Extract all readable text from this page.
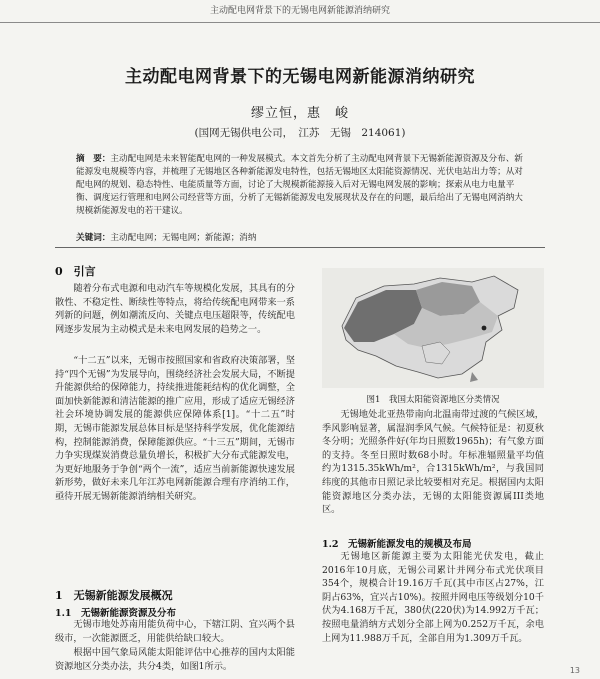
主动配电网背景下的无锡电网新能源消纳研究
主动配电网背景下的无锡电网新能源消纳研究
缪立恒，惠　峻
(国网无锡供电公司，　江苏　无锡　214061)
摘　要：主动配电网是未来智能配电网的一种发展模式。本文首先分析了主动配电网背景下无锡新能源资源及分布、新能源发电规模等内容，并梳理了无锡地区各种新能源发电特性，包括无锡地区太阳能资源情况、光伏电站出力等；从对配电网的规划、稳态特性、电能质量等方面，讨论了大规模新能源接入后对无锡电网发展的影响；探索从电力电量平衡、调度运行管理和电网公司经营等方面，分析了无锡新能源发电发展现状及存在的问题，最后给出了无锡电网消纳大规模新能源发电的若干建议。
关键词：主动配电网；无锡电网；新能源；消纳
0　引言
随着分布式电源和电动汽车等规模化发展，其具有的分散性、不稳定性、断续性等特点，将给传统配电网带来一系列新的问题，例如潮流反向、关键点电压超限等，传统配电网逐步发展为主动模式是未来电网发展的趋势之一。
“十二五”以来，无锡市按照国家和省政府决策部署，坚持“四个无锡”为发展导向，围绕经济社会发展大局，不断提升能源供给的保障能力，持续推进能耗结构的优化调整，全面加快新能源和清洁能源的推广应用，形成了适应无锡经济社会环境协调发展的能源供应保障体系[1]。“十二五”时期，无锡市能源发展总体目标是坚持科学发展，优化能源结构，控制能源消费，保障能源供应。“十三五”期间，无锡市力争实现煤炭消费总量负增长，积极扩大分布式能源发电，为更好地服务于争创“两个一流”，适应当前新能源快速发展新形势，做好未来几年江苏电网新能源合理有序消纳工作，亟待开展无锡新能源消纳相关研究。
1　无锡新能源发展概况
1.1　无锡新能源资源及分布
无锡市地处苏南用能负荷中心，下辖江阴、宜兴两个县级市，一次能源匮乏，用能供给缺口较大。
根据中国气象局风能太阳能评估中心推荐的国内太阳能资源地区分类办法，共分4类，如图1所示。
图1　我国太阳能资源地区分类情况
无锡地处北亚热带南向北温南带过渡的气候区域，季风影响显著，属湿润季风气候。气候特征是：初夏秋冬分明；光照条件好(年均日照数1965h)；有气象方面的支持。冬至日照时数68小时。年标准辐照量平均值约为1315.35kWh/m²，合1315kWh/m²，与我国同纬度的其他市日照记录比较要相对充足。根据国内太阳能资源地区分类办法，无锡的太阳能资源属III类地区。
1.2　无锡新能源发电的规模及布局
无锡地区新能源主要为太阳能光伏发电，截止2016年10月底，无锡公司累计并网分布式光伏项目354个，规模合计19.16万千瓦(其中市区占27%，江阴占63%，宜兴占10%)。按照并网电压等级划分10千伏为4.168万千瓦，380伏(220伏)为14.992万千瓦；按照电量消纳方式划分全部上网为0.252万千瓦，余电上网为11.988万千瓦，全部自用为1.309万千瓦。
13
